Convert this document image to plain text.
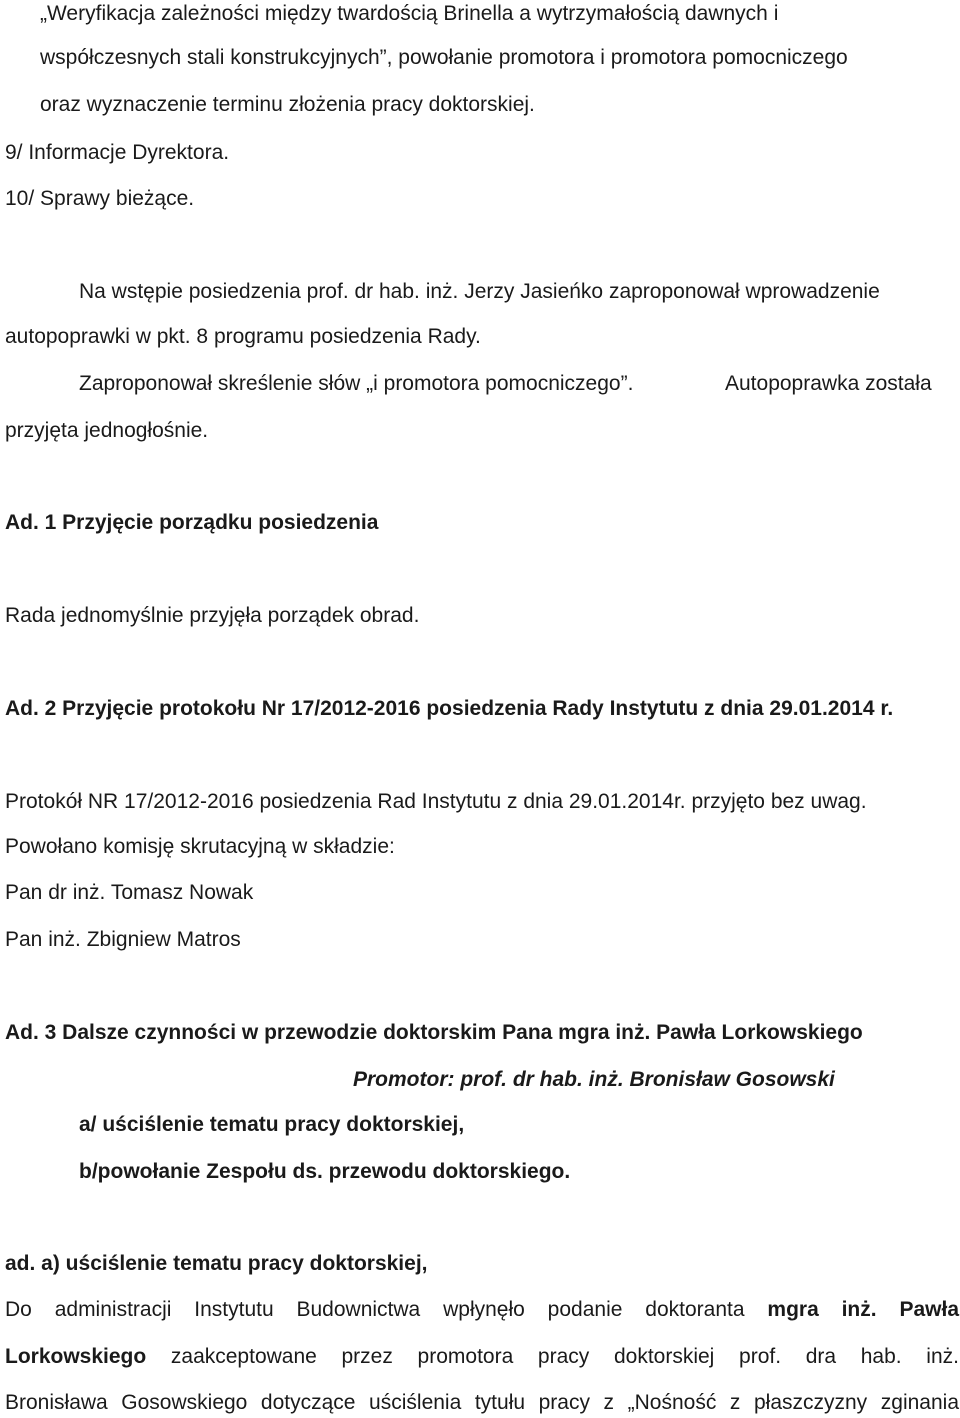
„Weryfikacja zależności między twardością Brinella a wytrzymałością dawnych i
współczesnych stali konstrukcyjnych”, powołanie promotora i promotora pomocniczego
oraz wyznaczenie terminu złożenia pracy doktorskiej.
9/ Informacje Dyrektora.
10/ Sprawy bieżące.
Na wstępie posiedzenia prof. dr hab. inż. Jerzy Jasieńko zaproponował wprowadzenie
autopoprawki w pkt. 8 programu posiedzenia Rady.
Zaproponował skreślenie słów „i promotora pomocniczego”.	Autopoprawka została
przyjęta jednogłośnie.
Ad. 1 Przyjęcie porządku posiedzenia
Rada jednomyślnie przyjęła porządek obrad.
Ad. 2 Przyjęcie protokołu Nr 17/2012-2016 posiedzenia Rady Instytutu z dnia 29.01.2014 r.
Protokół NR 17/2012-2016 posiedzenia Rad Instytutu z dnia 29.01.2014r. przyjęto bez uwag.
Powołano komisję skrutacyjną w składzie:
Pan dr inż. Tomasz Nowak
Pan inż. Zbigniew Matros
Ad. 3 Dalsze czynności w przewodzie doktorskim Pana mgra inż. Pawła Lorkowskiego
Promotor: prof. dr hab. inż. Bronisław Gosowski
a/ uściślenie tematu pracy doktorskiej,
b/powołanie Zespołu ds. przewodu doktorskiego.
ad. a) uściślenie tematu pracy doktorskiej,
Do administracji Instytutu Budownictwa wpłynęło podanie doktoranta mgra inż. Pawła
Lorkowskiego zaakceptowane przez promotora pracy doktorskiej prof. dra hab. inż.
Bronisława Gosowskiego dotyczące uściślenia tytułu pracy z „Nośność z płaszczyzny zginania
